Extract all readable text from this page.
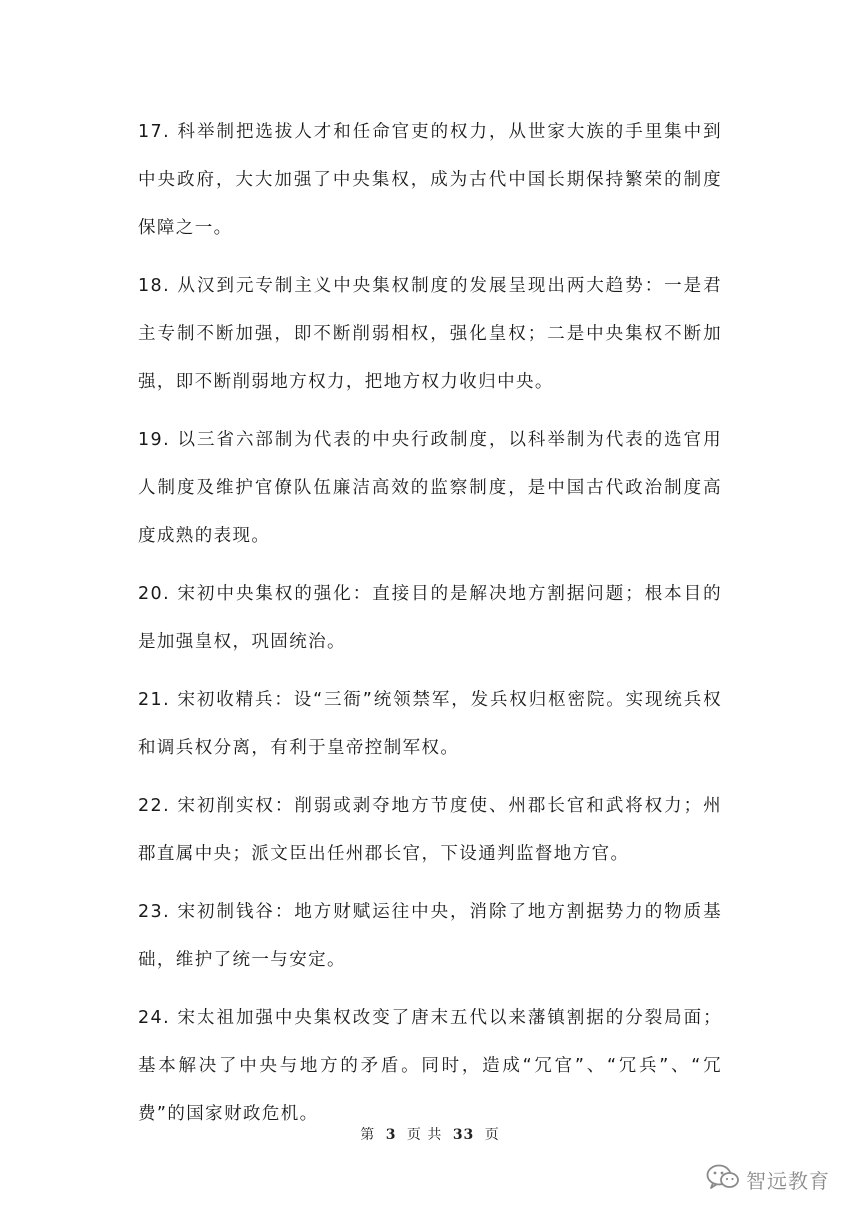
17. 科举制把选拔人才和任命官吏的权力，从世家大族的手里集中到中央政府，大大加强了中央集权，成为古代中国长期保持繁荣的制度保障之一。

18. 从汉到元专制主义中央集权制度的发展呈现出两大趋势：一是君主专制不断加强，即不断削弱相权，强化皇权；二是中央集权不断加强，即不断削弱地方权力，把地方权力收归中央。

19. 以三省六部制为代表的中央行政制度，以科举制为代表的选官用人制度及维护官僚队伍廉洁高效的监察制度，是中国古代政治制度高度成熟的表现。

20. 宋初中央集权的强化：直接目的是解决地方割据问题；根本目的是加强皇权，巩固统治。

21. 宋初收精兵：设“三衙”统领禁军，发兵权归枢密院。实现统兵权和调兵权分离，有利于皇帝控制军权。

22. 宋初削实权：削弱或剥夺地方节度使、州郡长官和武将权力；州郡直属中央；派文臣出任州郡长官，下设通判监督地方官。

23. 宋初制钱谷：地方财赋运往中央，消除了地方割据势力的物质基础，维护了统一与安定。

24. 宋太祖加强中央集权改变了唐末五代以来藩镇割据的分裂局面；基本解决了中央与地方的矛盾。同时，造成“冗官”、“冗兵”、“冗费”的国家财政危机。

第 3 页 共 33 页
智远教育
